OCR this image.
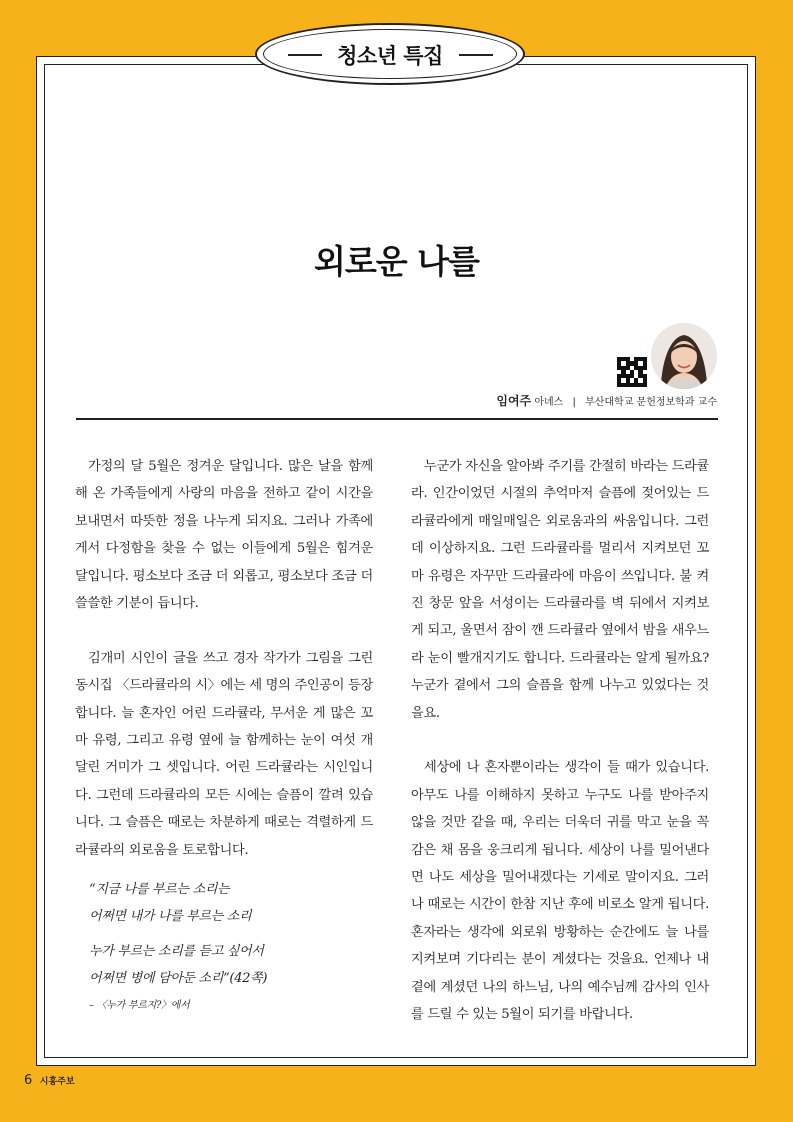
청소년 특집
외로운 나를
임여주 아녜스 | 부산대학교 문헌정보학과 교수

가정의 달 5월은 정겨운 달입니다. 많은 날을 함께 해 온 가족들에게 사랑의 마음을 전하고 같이 시간을 보내면서 따뜻한 정을 나누게 되지요. 그러나 가족에게서 다정함을 찾을 수 없는 이들에게 5월은 힘겨운 달입니다. 평소보다 조금 더 외롭고, 평소보다 조금 더 쓸쓸한 기분이 듭니다.

김개미 시인이 글을 쓰고 경자 작가가 그림을 그린 동시집 〈드라큘라의 시〉에는 세 명의 주인공이 등장합니다. 늘 혼자인 어린 드라큘라, 무서운 게 많은 꼬마 유령, 그리고 유령 옆에 늘 함께하는 눈이 여섯 개 달린 거미가 그 셋입니다. 어린 드라큘라는 시인입니다. 그런데 드라큘라의 모든 시에는 슬픔이 깔려 있습니다. 그 슬픔은 때로는 차분하게 때로는 격렬하게 드라큘라의 외로움을 토로합니다.

“지금 나를 부르는 소리는
어쩌면 내가 나를 부르는 소리
누가 부르는 소리를 듣고 싶어서
어쩌면 병에 담아둔 소리”(42쪽)
– 〈누가 부르지?〉에서

누군가 자신을 알아봐 주기를 간절히 바라는 드라큘라. 인간이었던 시절의 추억마저 슬픔에 젖어있는 드라큘라에게 매일매일은 외로움과의 싸움입니다. 그런데 이상하지요. 그런 드라큘라를 멀리서 지켜보던 꼬마 유령은 자꾸만 드라큘라에 마음이 쓰입니다. 불 켜진 창문 앞을 서성이는 드라큘라를 벽 뒤에서 지켜보게 되고, 울면서 잠이 깬 드라큘라 옆에서 밤을 새우느라 눈이 빨개지기도 합니다. 드라큘라는 알게 될까요? 누군가 곁에서 그의 슬픔을 함께 나누고 있었다는 것을요.

세상에 나 혼자뿐이라는 생각이 들 때가 있습니다. 아무도 나를 이해하지 못하고 누구도 나를 받아주지 않을 것만 같을 때, 우리는 더욱더 귀를 막고 눈을 꼭 감은 채 몸을 웅크리게 됩니다. 세상이 나를 밀어낸다면 나도 세상을 밀어내겠다는 기세로 말이지요. 그러나 때로는 시간이 한참 지난 후에 비로소 알게 됩니다. 혼자라는 생각에 외로워 방황하는 순간에도 늘 나를 지켜보며 기다리는 분이 계셨다는 것을요. 언제나 내 곁에 계셨던 나의 하느님, 나의 예수님께 감사의 인사를 드릴 수 있는 5월이 되기를 바랍니다.

6 시흥주보
